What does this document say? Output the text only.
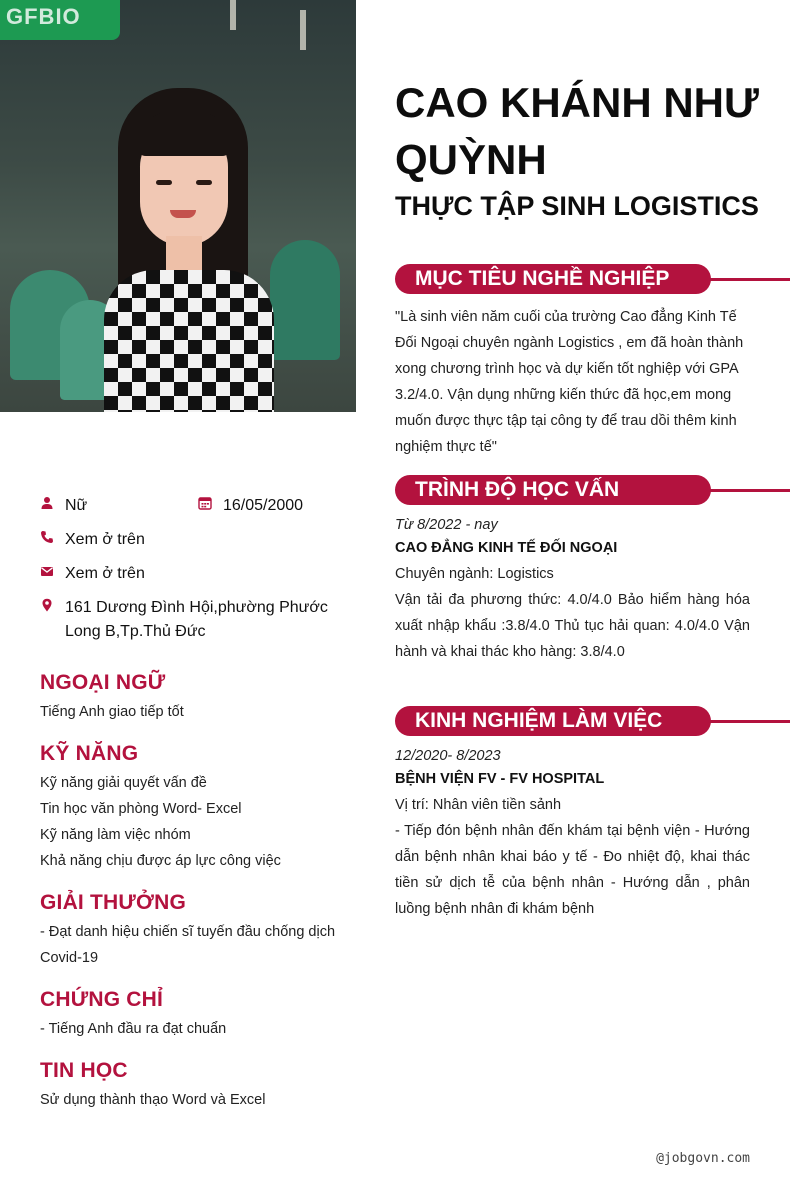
GFBIO
Nữ	16/05/2000
Xem ở trên
Xem ở trên
161 Dương Đình Hội,phường Phước Long B,Tp.Thủ Đức
NGOẠI NGỮ
Tiếng Anh giao tiếp tốt
KỸ NĂNG
Kỹ năng giải quyết vấn đề
Tin học văn phòng Word- Excel
Kỹ năng làm việc nhóm
Khả năng chịu được áp lực công việc
GIẢI THƯỞNG
- Đạt danh hiệu chiến sĩ tuyến đầu chống dịch Covid-19
CHỨNG CHỈ
- Tiếng Anh đầu ra đạt chuẩn
TIN HỌC
Sử dụng thành thạo Word và Excel
CAO KHÁNH NHƯ QUỲNH
THỰC TẬP SINH LOGISTICS
MỤC TIÊU NGHỀ NGHIỆP
"Là sinh viên năm cuối của trường Cao đẳng Kinh Tế Đối Ngoại chuyên ngành Logistics , em đã hoàn thành xong chương trình học và dự kiến tốt nghiệp với GPA 3.2/4.0. Vận dụng những kiến thức đã học,em mong muốn được thực tập tại công ty để trau dồi thêm kinh nghiệm thực tế"
TRÌNH ĐỘ HỌC VẤN
Từ 8/2022 - nay
CAO ĐẲNG KINH TẾ ĐỐI NGOẠI
Chuyên ngành: Logistics
Vận tải đa phương thức: 4.0/4.0 Bảo hiểm hàng hóa xuất nhập khẩu :3.8/4.0 Thủ tục hải quan: 4.0/4.0 Vận hành và khai thác kho hàng: 3.8/4.0
KINH NGHIỆM LÀM VIỆC
12/2020- 8/2023
BỆNH VIỆN FV - FV HOSPITAL
Vị trí: Nhân viên tiền sảnh
- Tiếp đón bệnh nhân đến khám tại bệnh viện - Hướng dẫn bệnh nhân khai báo y tế - Đo nhiệt độ, khai thác tiền sử dịch tễ của bệnh nhân - Hướng dẫn , phân luồng bệnh nhân đi khám bệnh
@jobgovn.com
